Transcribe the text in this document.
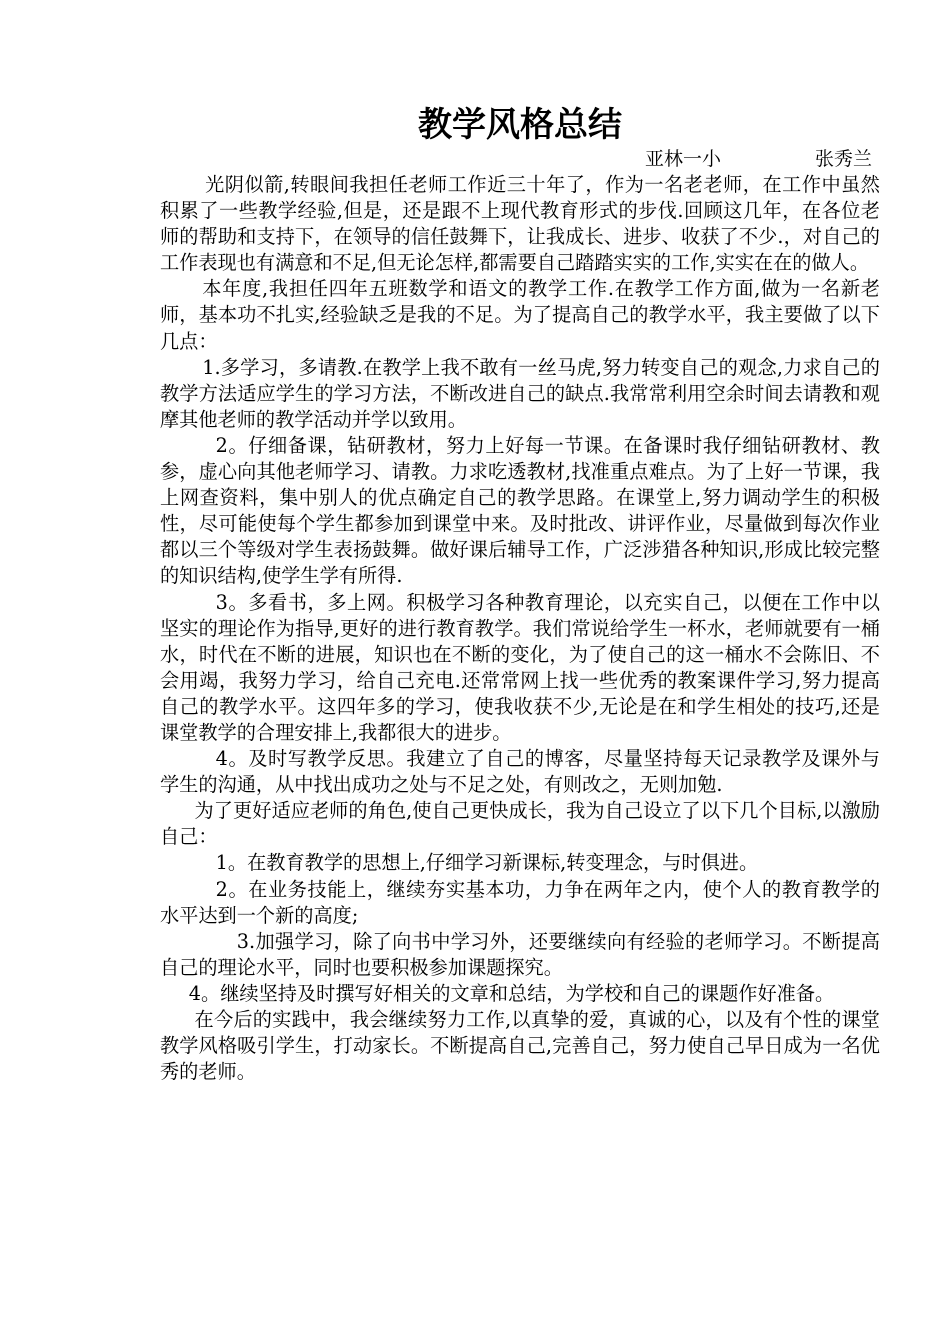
教学风格总结
亚林一小	张秀兰

光阴似箭,转眼间我担任老师工作近三十年了，作为一名老老师，在工作中虽然积累了一些教学经验,但是，还是跟不上现代教育形式的步伐.回顾这几年，在各位老师的帮助和支持下，在领导的信任鼓舞下，让我成长、进步、收获了不少.，对自己的工作表现也有满意和不足,但无论怎样,都需要自己踏踏实实的工作,实实在在的做人。

本年度,我担任四年五班数学和语文的教学工作.在教学工作方面,做为一名新老师，基本功不扎实,经验缺乏是我的不足。为了提高自己的教学水平，我主要做了以下几点：

1.多学习，多请教.在教学上我不敢有一丝马虎,努力转变自己的观念,力求自己的教学方法适应学生的学习方法，不断改进自己的缺点.我常常利用空余时间去请教和观摩其他老师的教学活动并学以致用。

2。仔细备课，钻研教材，努力上好每一节课。在备课时我仔细钻研教材、教参，虚心向其他老师学习、请教。力求吃透教材,找准重点难点。为了上好一节课，我上网查资料，集中别人的优点确定自己的教学思路。在课堂上,努力调动学生的积极性，尽可能使每个学生都参加到课堂中来。及时批改、讲评作业，尽量做到每次作业都以三个等级对学生表扬鼓舞。做好课后辅导工作，广泛涉猎各种知识,形成比较完整的知识结构,使学生学有所得.

3。多看书，多上网。积极学习各种教育理论，以充实自己，以便在工作中以坚实的理论作为指导,更好的进行教育教学。我们常说给学生一杯水，老师就要有一桶水，时代在不断的进展，知识也在不断的变化，为了使自己的这一桶水不会陈旧、不会用竭，我努力学习，给自己充电.还常常网上找一些优秀的教案课件学习,努力提高自己的教学水平。这四年多的学习，使我收获不少,无论是在和学生相处的技巧,还是课堂教学的合理安排上,我都很大的进步。

4。及时写教学反思。我建立了自己的博客，尽量坚持每天记录教学及课外与学生的沟通，从中找出成功之处与不足之处，有则改之，无则加勉.

为了更好适应老师的角色,使自己更快成长，我为自己设立了以下几个目标,以激励自己：

1。在教育教学的思想上,仔细学习新课标,转变理念，与时俱进。

2。在业务技能上，继续夯实基本功，力争在两年之内，使个人的教育教学的水平达到一个新的高度;

3.加强学习，除了向书中学习外，还要继续向有经验的老师学习。不断提高自己的理论水平，同时也要积极参加课题探究。

4。继续坚持及时撰写好相关的文章和总结，为学校和自己的课题作好准备。

在今后的实践中，我会继续努力工作,以真挚的爱，真诚的心，以及有个性的课堂教学风格吸引学生，打动家长。不断提高自己,完善自己，努力使自己早日成为一名优秀的老师。
